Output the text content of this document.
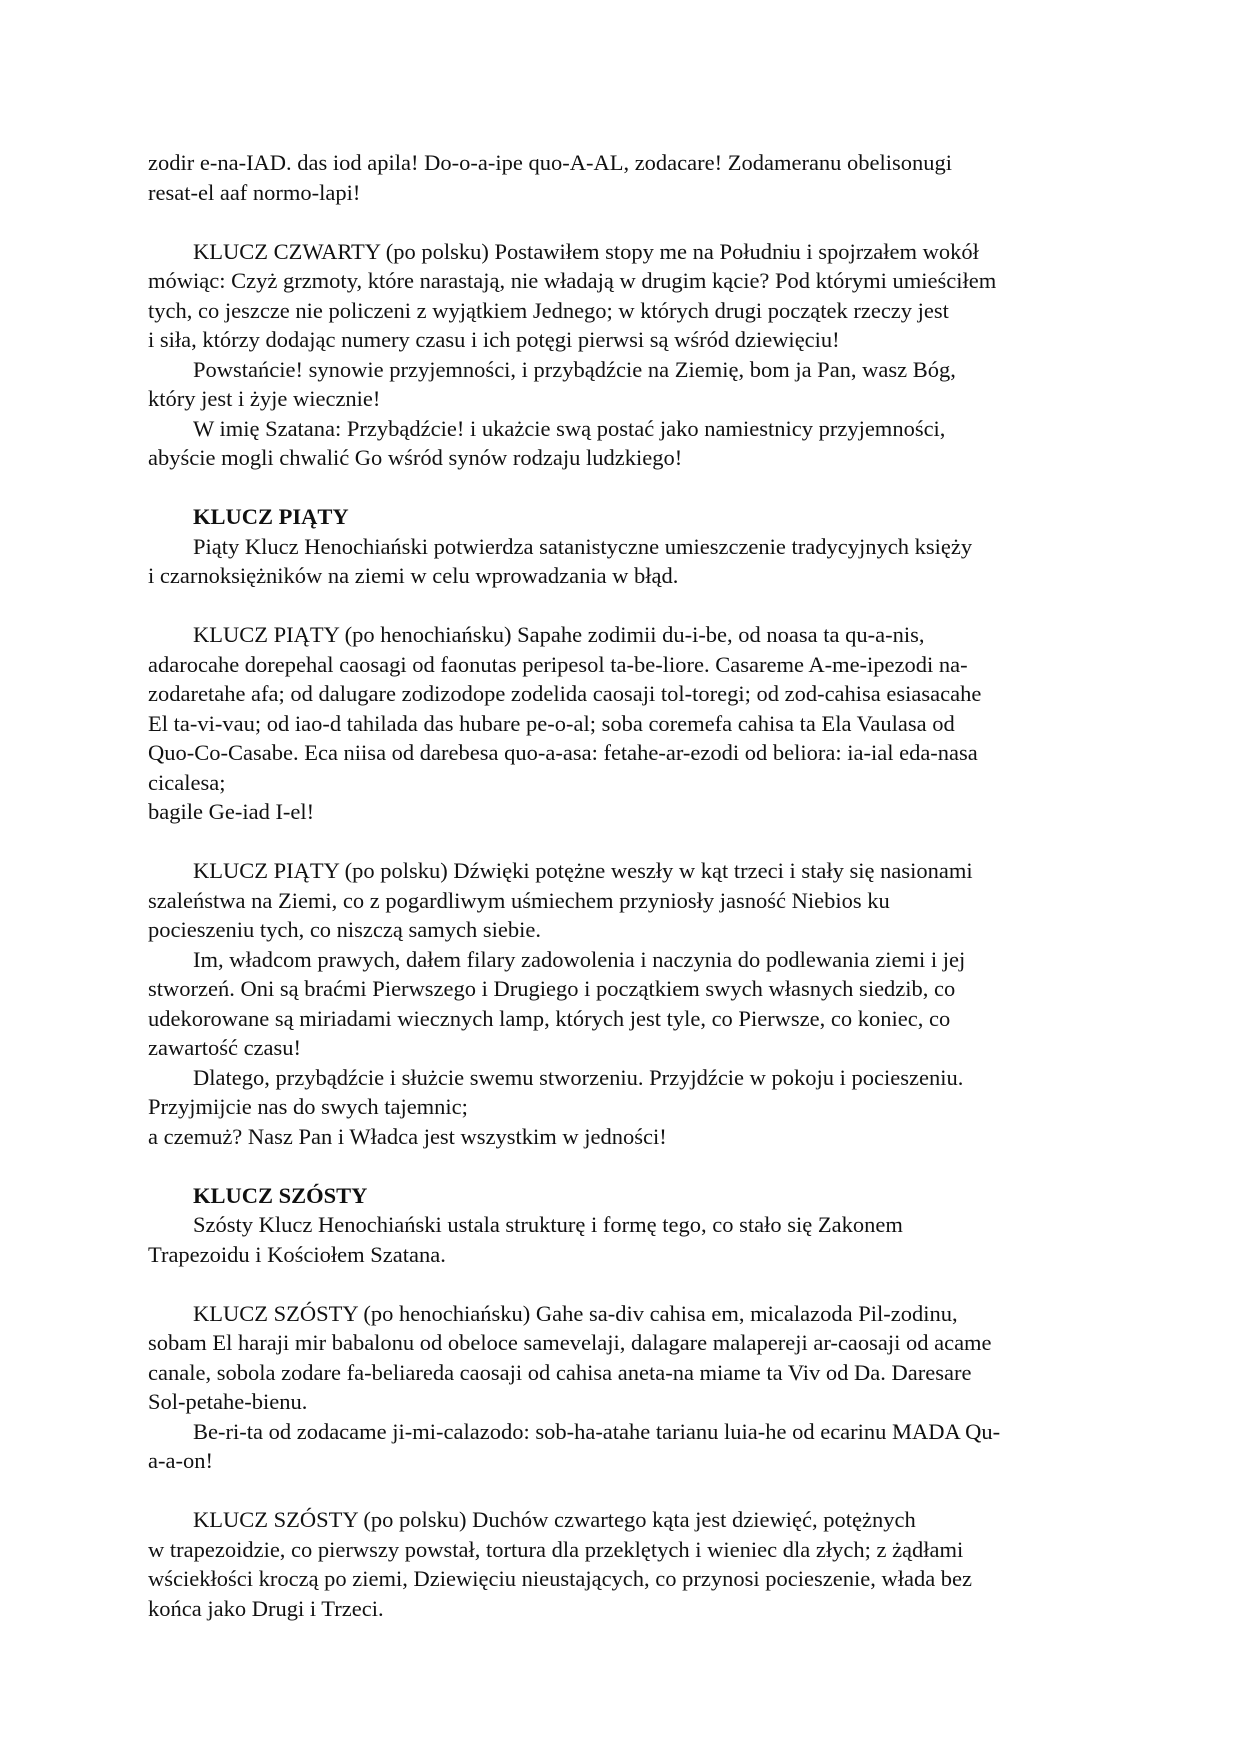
zodir e-na-IAD. das iod apila! Do-o-a-ipe quo-A-AL, zodacare! Zodameranu obelisonugi
resat-el aaf normo-lapi!

KLUCZ CZWARTY (po polsku) Postawiłem stopy me na Południu i spojrzałem wokół
mówiąc: Czyż grzmoty, które narastają, nie władają w drugim kącie? Pod którymi umieściłem
tych, co jeszcze nie policzeni z wyjątkiem Jednego; w których drugi początek rzeczy jest
i siła, którzy dodając numery czasu i ich potęgi pierwsi są wśród dziewięciu!

Powstańcie! synowie przyjemności, i przybądźcie na Ziemię, bom ja Pan, wasz Bóg,
który jest i żyje wiecznie!

W imię Szatana: Przybądźcie! i ukażcie swą postać jako namiestnicy przyjemności,
abyście mogli chwalić Go wśród synów rodzaju ludzkiego!

KLUCZ PIĄTY

Piąty Klucz Henochiański potwierdza satanistyczne umieszczenie tradycyjnych księży
i czarnoksiężników na ziemi w celu wprowadzania w błąd.

KLUCZ PIĄTY (po henochiańsku) Sapahe zodimii du-i-be, od noasa ta qu-a-nis,
adarocahe dorepehal caosagi od faonutas peripesol ta-be-liore. Casareme A-me-ipezodi na-
zodaretahe afa; od dalugare zodizodope zodelida caosaji tol-toregi; od zod-cahisa esiasacahe
El ta-vi-vau; od iao-d tahilada das hubare pe-o-al; soba coremefa cahisa ta Ela Vaulasa od
Quo-Co-Casabe. Eca niisa od darebesa quo-a-asa: fetahe-ar-ezodi od beliora: ia-ial eda-nasa
cicalesa;

bagile Ge-iad I-el!

KLUCZ PIĄTY (po polsku) Dźwięki potężne weszły w kąt trzeci i stały się nasionami
szaleństwa na Ziemi, co z pogardliwym uśmiechem przyniosły jasność Niebios ku
pocieszeniu tych, co niszczą samych siebie.

Im, władcom prawych, dałem filary zadowolenia i naczynia do podlewania ziemi i jej
stworzeń. Oni są braćmi Pierwszego i Drugiego i początkiem swych własnych siedzib, co
udekorowane są miriadami wiecznych lamp, których jest tyle, co Pierwsze, co koniec, co
zawartość czasu!

Dlatego, przybądźcie i służcie swemu stworzeniu. Przyjdźcie w pokoju i pocieszeniu.
Przyjmijcie nas do swych tajemnic;

a czemuż? Nasz Pan i Władca jest wszystkim w jedności!

KLUCZ SZÓSTY

Szósty Klucz Henochiański ustala strukturę i formę tego, co stało się Zakonem
Trapezoidu i Kościołem Szatana.

KLUCZ SZÓSTY (po henochiańsku) Gahe sa-div cahisa em, micalazoda Pil-zodinu,
sobam El haraji mir babalonu od obeloce samevelaji, dalagare malapereji ar-caosaji od acame
canale, sobola zodare fa-beliareda caosaji od cahisa aneta-na miame ta Viv od Da. Daresare
Sol-petahe-bienu.

Be-ri-ta od zodacame ji-mi-calazodo: sob-ha-atahe tarianu luia-he od ecarinu MADA Qu-
a-a-on!

KLUCZ SZÓSTY (po polsku) Duchów czwartego kąta jest dziewięć, potężnych
w trapezoidzie, co pierwszy powstał, tortura dla przeklętych i wieniec dla złych; z żądłami
wściekłości kroczą po ziemi, Dziewięciu nieustających, co przynosi pocieszenie, włada bez
końca jako Drugi i Trzeci.
